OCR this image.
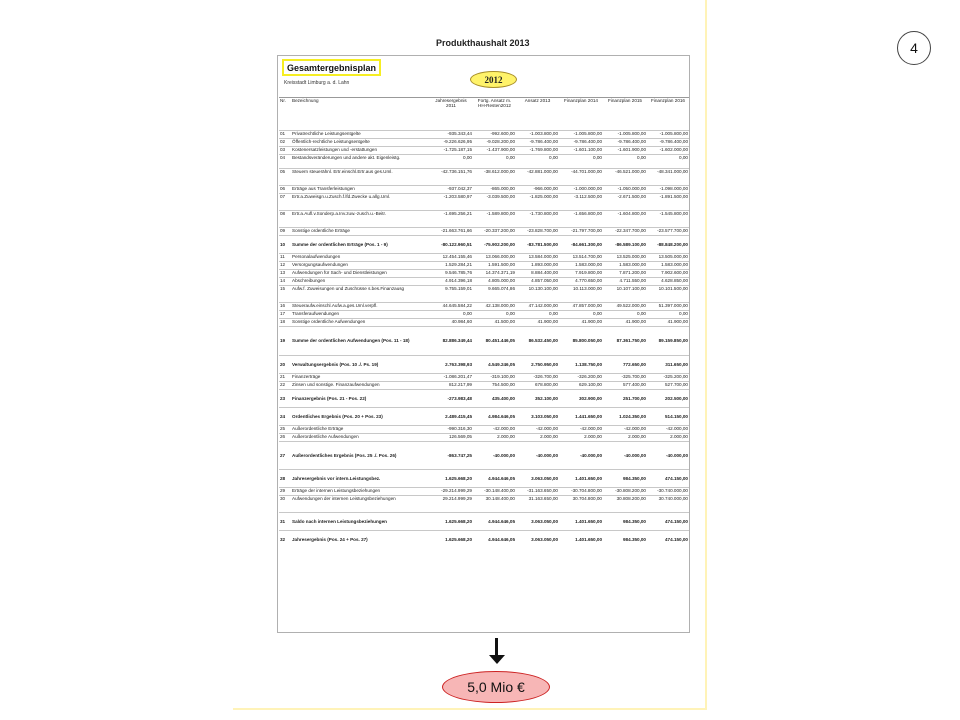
Produkthaushalt 2013	4
Gesamtergebnisplan
Kreisstadt Limburg a. d. Lahn	2012
Nr.	Bezeichnung	Jahresergebnis 2011	Fortg. Ansatz m. HH-Resten2012	Ansatz 2013	Finanzplan 2014	Finanzplan 2015	Finanzplan 2016
01	Privatrechtliche Leistungsentgelte	-935.343,44	-992.600,00	-1.003.800,00	-1.005.800,00	-1.005.800,00	-1.005.800,00
02	Öffentlich-rechtliche Leistungsentgelte	-9.226.626,95	-9.028.200,00	-9.786.400,00	-9.786.400,00	-9.786.400,00	-9.786.400,00
03	Kostenersatzleistungen und -erstattungen	-1.725.187,15	-1.437.900,00	-1.769.800,00	-1.601.100,00	-1.601.900,00	-1.602.000,00
04	Bestandsveränderungen und andere akt. Eigenleistg.	0,00	0,00	0,00	0,00	0,00	0,00
05	Steuern steuerähnl. Ertr.einschl.Ertr.aus ges.Uml.	-42.736.151,76	-38.612.000,00	-42.881.000,00	-44.701.000,00	-46.521.000,00	-48.341.000,00
06	Erträge aus Transferleistungen	-937.042,37	-865.000,00	-966.000,00	-1.000.000,00	-1.050.000,00	-1.098.000,00
07	Ertr.a.Zuweisgn.u.Zusch.f.lfd.Zwecke u.allg.Uml.	-1.203.580,97	-3.039.500,00	-1.825.000,00	-3.112.500,00	-2.671.500,00	-1.891.500,00
08	Ertr.a.Aufl.v.Sonderp.a.Inv.zuw.-zusch.u.-Beitr.	-1.695.256,21	-1.589.800,00	-1.730.800,00	-1.656.800,00	-1.604.800,00	-1.545.800,00
09	Sonstige ordentliche Erträge	-21.663.761,66	-20.337.200,00	-23.828.700,00	-21.797.700,00	-22.347.700,00	-23.577.700,00
10	Summe der ordentlichen Erträge (Pos. 1 - 9)	-80.122.960,51	-75.902.200,00	-83.781.500,00	-84.661.300,00	-86.589.100,00	-88.848.200,00
11	Personalaufwendungen	12.454.155,46	13.066.000,00	13.584.000,00	13.514.700,00	13.525.000,00	13.505.000,00
12	Versorgungsaufwendungen	1.529.284,21	1.591.500,00	1.893.000,00	1.583.000,00	1.583.000,00	1.583.000,00
13	Aufwendungen für Sach- und Dienstleistungen	9.546.785,76	14.374.371,19	8.884.400,00	7.919.800,00	7.871.200,00	7.902.600,00
14	Abschreibungen	4.914.396,18	4.805.000,00	4.857.050,00	4.770.650,00	4.711.550,00	4.628.850,00
15	Aufw.f. Zuweisungen und Zuschüsse s.bes.Finanzausg	9.755.159,01	9.665.074,86	10.130.100,00	10.113.000,00	10.107.100,00	10.101.500,00
16	Steueraufw.einschl.Aufw.a.ges.Uml.verpfl.	44.645.584,22	42.138.000,00	47.142.000,00	47.857.000,00	49.522.000,00	51.397.000,00
17	Transferaufwendungen	0,00	0,00	0,00	0,00	0,00	0,00
18	Sonstige ordentliche Aufwendungen	40.984,60	41.500,00	41.900,00	41.900,00	41.900,00	41.900,00
19	Summe der ordentlichen Aufwendungen (Pos. 11 - 18)	82.886.349,44	80.451.446,05	86.532.450,00	85.800.050,00	87.361.750,00	89.159.850,00
20	Verwaltungsergebnis (Pos. 10 ./. Ps. 19)	2.763.398,93	4.549.246,05	2.750.950,00	1.138.750,00	772.650,00	311.650,00
21	Finanzerträge	-1.086.201,47	-319.100,00	-326.700,00	-326.200,00	-325.700,00	-325.200,00
22	Zinsen und sonstige. Finanzaufwendungen	812.217,99	754.500,00	678.800,00	629.100,00	577.400,00	527.700,00
23	Finanzergebnis (Pos. 21 - Pos. 22)	-273.983,48	435.400,00	352.100,00	302.900,00	251.700,00	202.500,00
24	Ordentliches Ergebnis (Pos. 20 + Pos. 23)	2.489.415,45	4.984.646,05	3.103.050,00	1.441.650,00	1.024.350,00	514.150,00
25	Außerordentliche Erträge	-990.316,30	-42.000,00	-42.000,00	-42.000,00	-42.000,00	-42.000,00
26	Außerordentliche Aufwendungen	126.569,05	2.000,00	2.000,00	2.000,00	2.000,00	2.000,00
27	Außerordentliches Ergebnis (Pos. 25 ./. Pos. 26)	-863.747,25	-40.000,00	-40.000,00	-40.000,00	-40.000,00	-40.000,00
28	Jahresergebnis vor intern.Leistungsbez.	1.625.668,20	4.944.646,05	3.063.050,00	1.401.650,00	984.350,00	474.150,00
29	Erträge der internen Leistungsbeziehungen	-29.214.999,29	-30.148.400,00	-31.163.650,00	-30.704.800,00	-30.808.200,00	-30.740.000,00
30	Aufwendungen der internen Leistungsbeziehungen	29.214.999,29	30.148.400,00	31.163.650,00	30.704.800,00	30.808.200,00	30.740.000,00
31	Saldo nach internen Leistungsbeziehungen	1.625.668,20	4.944.646,05	3.063.050,00	1.401.650,00	984.350,00	474.150,00
32	Jahresergebnis (Pos. 24 + Pos. 27)	1.625.668,20	4.944.646,05	3.063.050,00	1.401.650,00	984.350,00	474.150,00
5,0 Mio €
